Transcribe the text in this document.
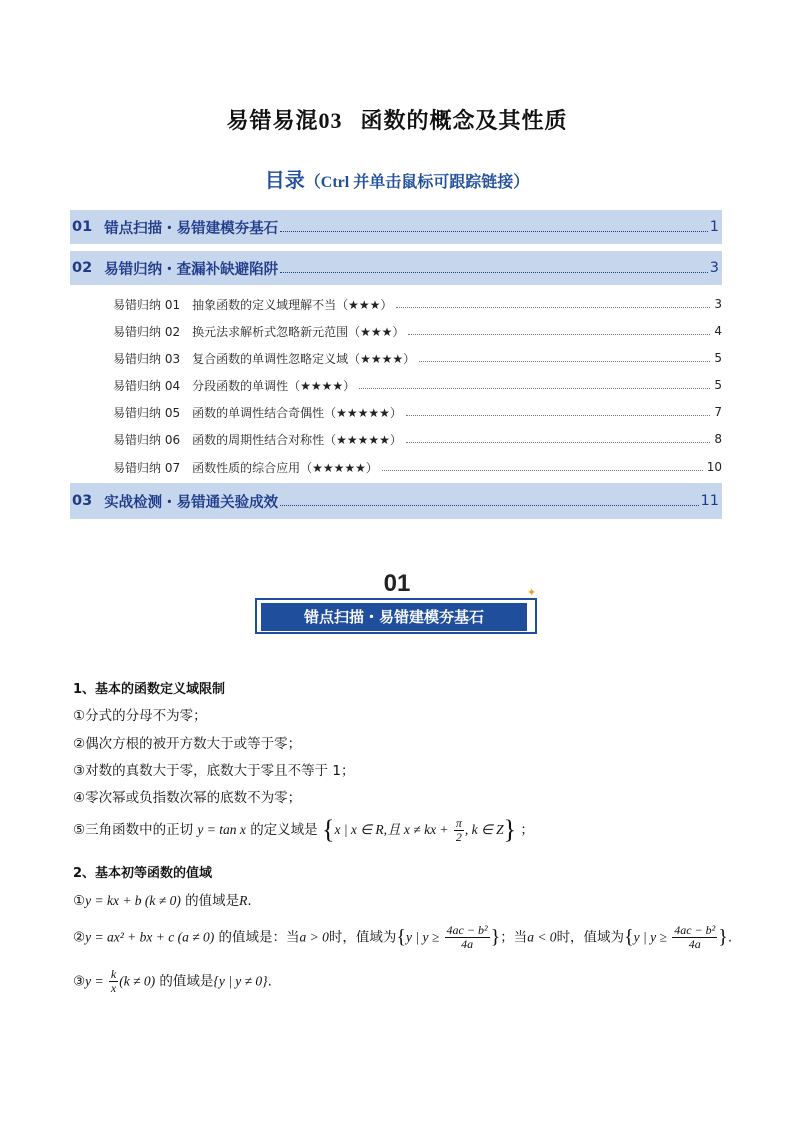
易错易混03 函数的概念及其性质
目录（Ctrl 并单击鼠标可跟踪链接）
01 错点扫描・易错建模夯基石	1
02 易错归纳・查漏补缺避陷阱	3
易错归纳 01 抽象函数的定义域理解不当（★★★）	3
易错归纳 02 换元法求解析式忽略新元范围（★★★）	4
易错归纳 03 复合函数的单调性忽略定义域（★★★★）	5
易错归纳 04 分段函数的单调性（★★★★）	5
易错归纳 05 函数的单调性结合奇偶性（★★★★★）	7
易错归纳 06 函数的周期性结合对称性（★★★★★）	8
易错归纳 07 函数性质的综合应用（★★★★★）	10
03 实战检测・易错通关验成效	11
01	✦
错点扫描・易错建模夯基石
1、基本的函数定义域限制
①分式的分母不为零；
②偶次方根的被开方数大于或等于零；
③对数的真数大于零，底数大于零且不等于 1；
④零次幂或负指数次幂的底数不为零；
⑤三角函数中的正切 y = tan x 的定义域是 {x | x ∈ R,且 x ≠ kx + $\frac{\pi}{2}$ , k ∈ Z} ；
2、基本初等函数的值域
①y = kx + b (k ≠ 0) 的值域是R.
②y = ax² + bx + c (a ≠ 0) 的值域是：当a > 0时，值域为{y | $y \ge \frac{\text{4ac − b²}}{4a}$ }；当a < 0时，值域为{y | $y \ge \frac{\text{4ac − b²}}{4a}$ }.
③y = $\frac{k}{x} (k \ne 0)$ 的值域是{y | y ≠ 0}.
